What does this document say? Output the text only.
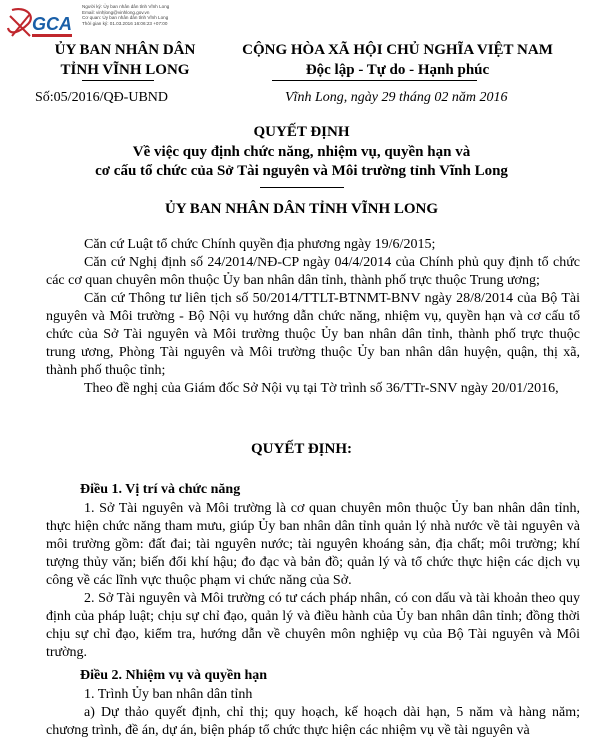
GCA
Người ký: Ủy ban nhân dân tỉnh Vĩnh Long
Email: vinhlong@vinhlong.gov.vn
Cơ quan: Ủy ban nhân dân tỉnh Vĩnh Long
Thời gian ký: 01.03.2016 16:06:23 +07:00
ỦY BAN NHÂN DÂN
TỈNH VĨNH LONG
CỘNG HÒA XÃ HỘI CHỦ NGHĨA VIỆT NAM
Độc lập - Tự do - Hạnh phúc
Số:05/2016/QĐ-UBND	Vĩnh Long, ngày 29 tháng 02 năm 2016
QUYẾT ĐỊNH
Về việc quy định chức năng, nhiệm vụ, quyền hạn và
cơ cấu tổ chức của Sở Tài nguyên và Môi trường tỉnh Vĩnh Long
ỦY BAN NHÂN DÂN TỈNH VĨNH LONG

Căn cứ Luật tổ chức Chính quyền địa phương ngày 19/6/2015;

Căn cứ Nghị định số 24/2014/NĐ-CP ngày 04/4/2014 của Chính phủ quy định tổ chức các cơ quan chuyên môn thuộc Ủy ban nhân dân tỉnh, thành phố trực thuộc Trung ương;

Căn cứ Thông tư liên tịch số 50/2014/TTLT-BTNMT-BNV ngày 28/8/2014 của Bộ Tài nguyên và Môi trường - Bộ Nội vụ hướng dẫn chức năng, nhiệm vụ, quyền hạn và cơ cấu tổ chức của Sở Tài nguyên và Môi trường thuộc Ủy ban nhân dân tỉnh, thành phố trực thuộc trung ương, Phòng Tài nguyên và Môi trường thuộc Ủy ban nhân dân huyện, quận, thị xã, thành phố thuộc tỉnh;

Theo đề nghị của Giám đốc Sở Nội vụ tại Tờ trình số 36/TTr-SNV ngày 20/01/2016,

QUYẾT ĐỊNH:
Điều 1. Vị trí và chức năng

1. Sở Tài nguyên và Môi trường là cơ quan chuyên môn thuộc Ủy ban nhân dân tỉnh, thực hiện chức năng tham mưu, giúp Ủy ban nhân dân tỉnh quản lý nhà nước về tài nguyên và môi trường gồm: đất đai; tài nguyên nước; tài nguyên khoáng sản, địa chất; môi trường; khí tượng thủy văn; biến đổi khí hậu; đo đạc và bản đồ; quản lý và tổ chức thực hiện các dịch vụ công về các lĩnh vực thuộc phạm vi chức năng của Sở.

2. Sở Tài nguyên và Môi trường có tư cách pháp nhân, có con dấu và tài khoản theo quy định của pháp luật; chịu sự chỉ đạo, quản lý và điều hành của Ủy ban nhân dân tỉnh; đồng thời chịu sự chỉ đạo, kiểm tra, hướng dẫn về chuyên môn nghiệp vụ của Bộ Tài nguyên và Môi trường.

Điều 2. Nhiệm vụ và quyền hạn

1. Trình Ủy ban nhân dân tỉnh

a) Dự thảo quyết định, chỉ thị; quy hoạch, kế hoạch dài hạn, 5 năm và hàng năm; chương trình, đề án, dự án, biện pháp tổ chức thực hiện các nhiệm vụ về tài nguyên và
